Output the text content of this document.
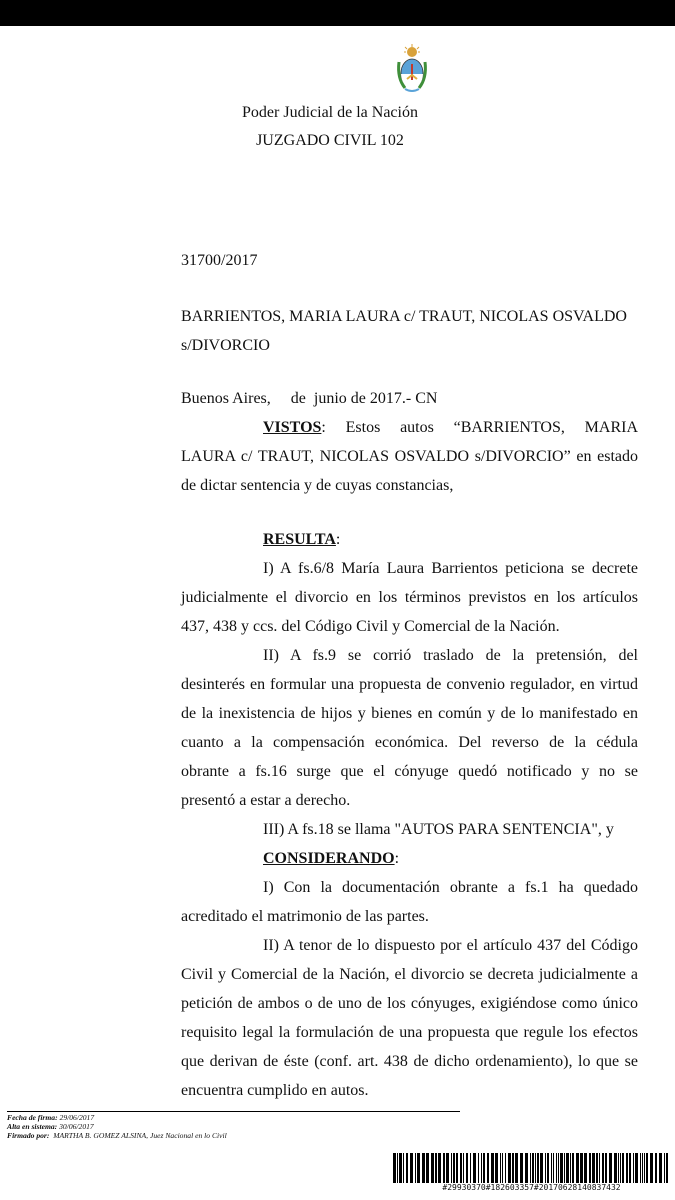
Poder Judicial de la Nación
JUZGADO CIVIL 102
31700/2017
BARRIENTOS, MARIA LAURA c/ TRAUT, NICOLAS OSVALDO
s/DIVORCIO
Buenos Aires,     de  junio de 2017.- CN
VISTOS: Estos autos “BARRIENTOS, MARIA
LAURA c/ TRAUT, NICOLAS OSVALDO s/DIVORCIO” en estado
de dictar sentencia y de cuyas constancias,
RESULTA:
I) A fs.6/8 María Laura Barrientos peticiona se decrete
judicialmente el divorcio en los términos previstos en los artículos
437, 438 y ccs. del Código Civil y Comercial de la Nación.
II) A fs.9 se corrió traslado de la pretensión, del
desinterés en formular una propuesta de convenio regulador, en virtud
de la inexistencia de hijos y bienes en común y de lo manifestado en
cuanto a la compensación económica. Del reverso de la cédula
obrante a fs.16 surge que el cónyuge quedó notificado y no se
presentó a estar a derecho.
III) A fs.18 se llama "AUTOS PARA SENTENCIA", y
CONSIDERANDO:
I) Con la documentación obrante a fs.1 ha quedado
acreditado el matrimonio de las partes.
II) A tenor de lo dispuesto por el artículo 437 del Código
Civil y Comercial de la Nación, el divorcio se decreta judicialmente a
petición de ambos o de uno de los cónyuges, exigiéndose como único
requisito legal la formulación de una propuesta que regule los efectos
que derivan de éste (conf. art. 438 de dicho ordenamiento), lo que se
encuentra cumplido en autos.
Fecha de firma: 29/06/2017
Alta en sistema: 30/06/2017
Firmado por: MARTHA B. GOMEZ ALSINA, Juez Nacional en lo Civil
#29930370#182603357#20170628140837432
